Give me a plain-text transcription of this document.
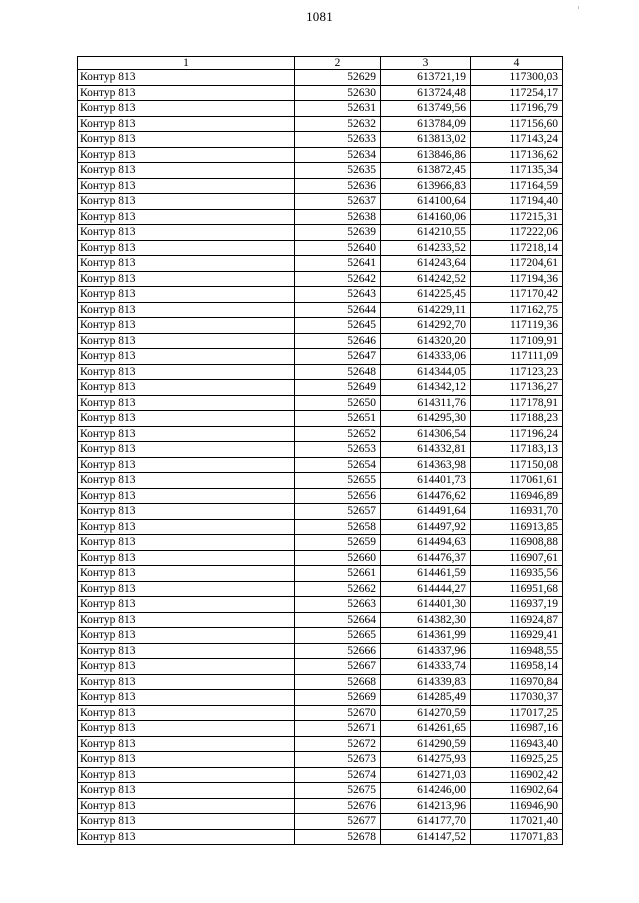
1081
1	2	3	4
Контур 813	52629	613721,19	117300,03
Контур 813	52630	613724,48	117254,17
Контур 813	52631	613749,56	117196,79
Контур 813	52632	613784,09	117156,60
Контур 813	52633	613813,02	117143,24
Контур 813	52634	613846,86	117136,62
Контур 813	52635	613872,45	117135,34
Контур 813	52636	613966,83	117164,59
Контур 813	52637	614100,64	117194,40
Контур 813	52638	614160,06	117215,31
Контур 813	52639	614210,55	117222,06
Контур 813	52640	614233,52	117218,14
Контур 813	52641	614243,64	117204,61
Контур 813	52642	614242,52	117194,36
Контур 813	52643	614225,45	117170,42
Контур 813	52644	614229,11	117162,75
Контур 813	52645	614292,70	117119,36
Контур 813	52646	614320,20	117109,91
Контур 813	52647	614333,06	117111,09
Контур 813	52648	614344,05	117123,23
Контур 813	52649	614342,12	117136,27
Контур 813	52650	614311,76	117178,91
Контур 813	52651	614295,30	117188,23
Контур 813	52652	614306,54	117196,24
Контур 813	52653	614332,81	117183,13
Контур 813	52654	614363,98	117150,08
Контур 813	52655	614401,73	117061,61
Контур 813	52656	614476,62	116946,89
Контур 813	52657	614491,64	116931,70
Контур 813	52658	614497,92	116913,85
Контур 813	52659	614494,63	116908,88
Контур 813	52660	614476,37	116907,61
Контур 813	52661	614461,59	116935,56
Контур 813	52662	614444,27	116951,68
Контур 813	52663	614401,30	116937,19
Контур 813	52664	614382,30	116924,87
Контур 813	52665	614361,99	116929,41
Контур 813	52666	614337,96	116948,55
Контур 813	52667	614333,74	116958,14
Контур 813	52668	614339,83	116970,84
Контур 813	52669	614285,49	117030,37
Контур 813	52670	614270,59	117017,25
Контур 813	52671	614261,65	116987,16
Контур 813	52672	614290,59	116943,40
Контур 813	52673	614275,93	116925,25
Контур 813	52674	614271,03	116902,42
Контур 813	52675	614246,00	116902,64
Контур 813	52676	614213,96	116946,90
Контур 813	52677	614177,70	117021,40
Контур 813	52678	614147,52	117071,83
